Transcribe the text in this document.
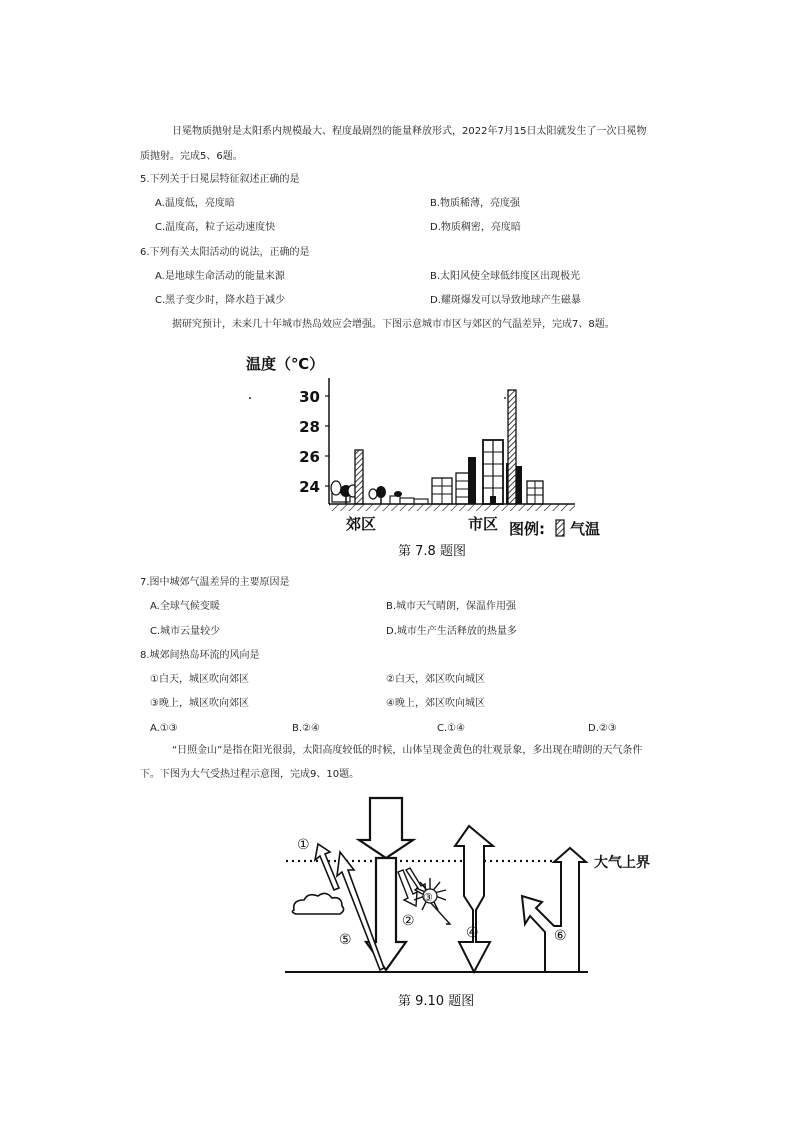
日冕物质抛射是太阳系内规模最大、程度最剧烈的能量释放形式，2022年7月15日太阳就发生了一次日冕物
质抛射。完成5、6题。
5.下列关于日冕层特征叙述正确的是
A.温度低，亮度暗	B.物质稀薄，亮度强
C.温度高，粒子运动速度快	D.物质稠密，亮度暗
6.下列有关太阳活动的说法，正确的是
A.是地球生命活动的能量来源	B.太阳风使全球低纬度区出现极光
C.黑子变少时，降水趋于减少	D.耀斑爆发可以导致地球产生磁暴
据研究预计，未来几十年城市热岛效应会增强。下图示意城市市区与郊区的气温差异，完成7、8题。
温度（℃）
24
26
28
30
郊区	市区 图例: 气温
第 7.8 题图
7.图中城郊气温差异的主要原因是
A.全球气候变暖	B.城市天气晴朗，保温作用强
C.城市云量较少	D.城市生产生活释放的热量多
8.城郊间热岛环流的风向是
①白天，城区吹向郊区	②白天，郊区吹向城区
③晚上，城区吹向郊区	④晚上，郊区吹向城区
A.①③	B.②④	C.①④	D.②③
“日照金山”是指在阳光很弱，太阳高度较低的时候，山体呈现金黄色的壮观景象，多出现在晴朗的天气条件
下。下图为大气受热过程示意图，完成9、10题。
大气上界
①
⑤
②
③
④	⑥
第 9.10 题图
